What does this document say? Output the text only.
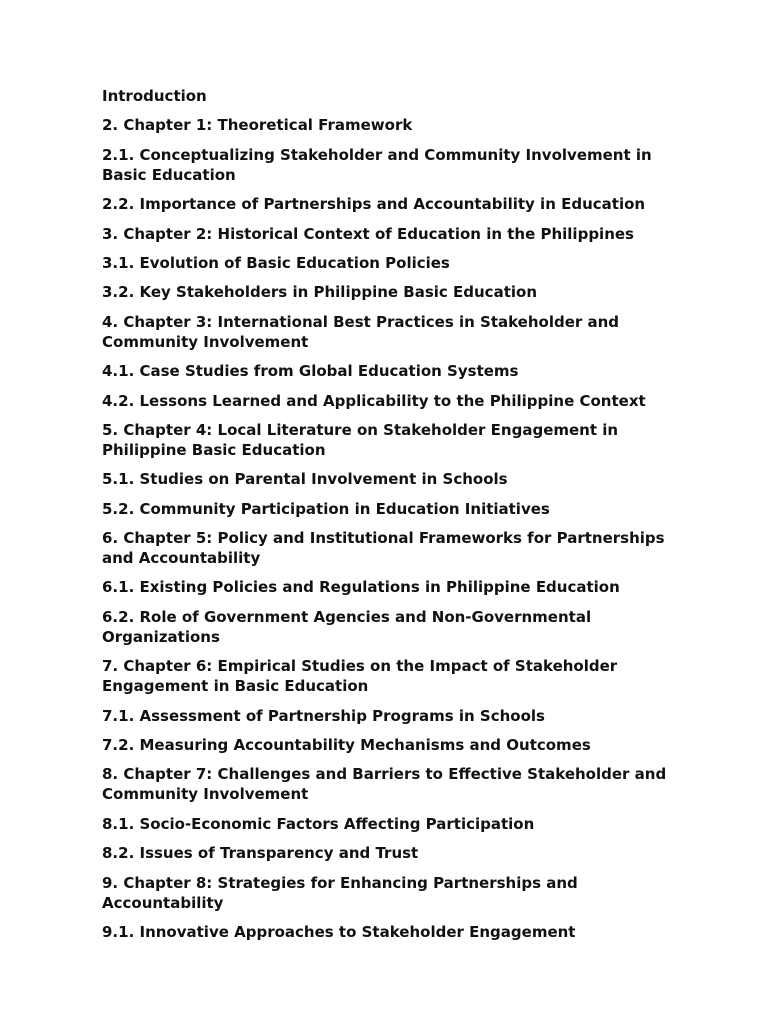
Introduction

2. Chapter 1: Theoretical Framework

2.1. Conceptualizing Stakeholder and Community Involvement in Basic Education

2.2. Importance of Partnerships and Accountability in Education

3. Chapter 2: Historical Context of Education in the Philippines

3.1. Evolution of Basic Education Policies

3.2. Key Stakeholders in Philippine Basic Education

4. Chapter 3: International Best Practices in Stakeholder and Community Involvement

4.1. Case Studies from Global Education Systems

4.2. Lessons Learned and Applicability to the Philippine Context

5. Chapter 4: Local Literature on Stakeholder Engagement in Philippine Basic Education

5.1. Studies on Parental Involvement in Schools

5.2. Community Participation in Education Initiatives

6. Chapter 5: Policy and Institutional Frameworks for Partnerships and Accountability

6.1. Existing Policies and Regulations in Philippine Education

6.2. Role of Government Agencies and Non-Governmental Organizations

7. Chapter 6: Empirical Studies on the Impact of Stakeholder Engagement in Basic Education

7.1. Assessment of Partnership Programs in Schools

7.2. Measuring Accountability Mechanisms and Outcomes

8. Chapter 7: Challenges and Barriers to Effective Stakeholder and Community Involvement

8.1. Socio-Economic Factors Affecting Participation

8.2. Issues of Transparency and Trust

9. Chapter 8: Strategies for Enhancing Partnerships and Accountability

9.1. Innovative Approaches to Stakeholder Engagement
